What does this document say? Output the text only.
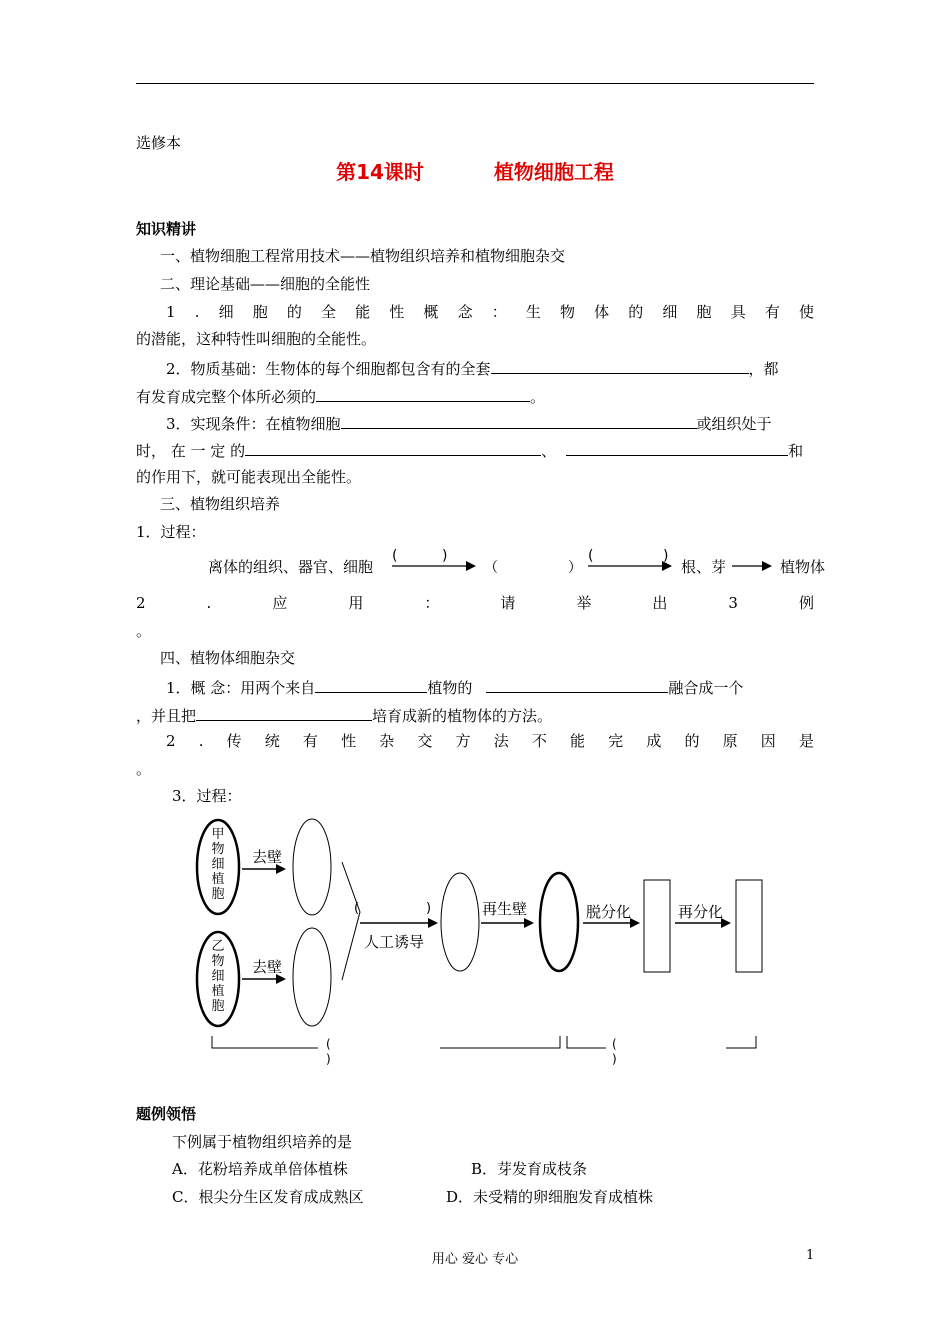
选修本
第14课时	植物细胞工程
知识精讲
一、植物细胞工程常用技术——植物组织培养和植物细胞杂交
二、理论基础——细胞的全能性
1 . 细 胞 的 全 能 性 概 念 ： 生 物 体 的 细 胞 具 有 使
的潜能，这种特性叫细胞的全能性。
2．物质基础：生物体的每个细胞都包含有的全套	，都
有发育成完整个体所必须的	。
3．实现条件：在植物细胞	或组织处于
时， 在 一 定 的	、	和
的作用下，就可能表现出全能性。
三、植物组织培养
1．过程：
离体的组织、器官、细胞
(	)
（	）
(	)
根、芽	植物体
2	.	应	用	：	请	举	出	3	例
。
四、植物体细胞杂交
1．概 念：用两个来自	植物的	融合成一个
，并且把	培育成新的植物体的方法。
2 . 传 统 有 性 杂 交 方 法 不 能 完 成 的 原 因 是
。
3．过程：
甲物细植胞
乙物细植胞
去壁
去壁
(	)
人工诱导
再生壁	脱分化	再分化
(
)
(
)
题例领悟
下例属于植物组织培养的是
A．花粉培养成单倍体植株	B．芽发育成枝条
C．根尖分生区发育成成熟区	D．未受精的卵细胞发育成植株
用心 爱心 专心	1
